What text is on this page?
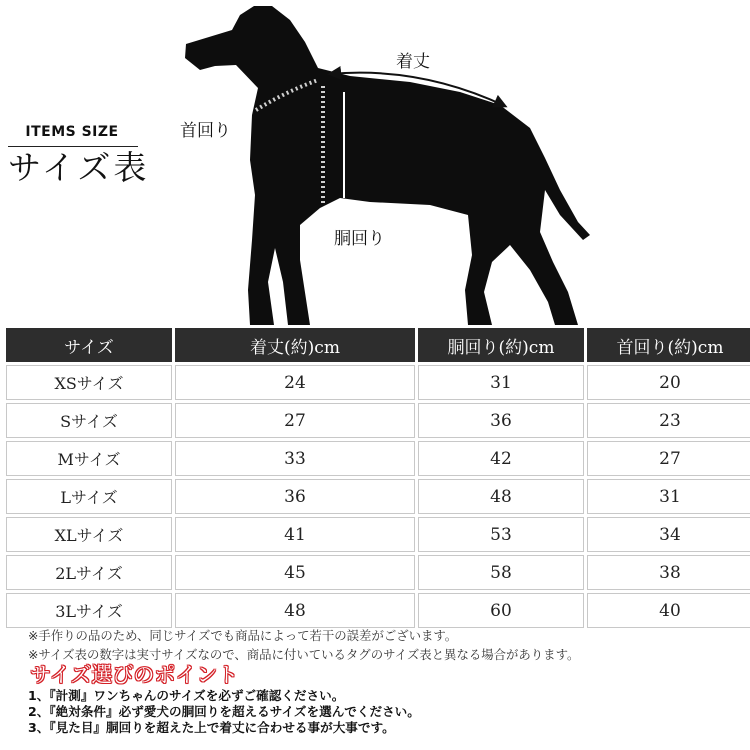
ITEMS SIZE
サイズ表
着丈
首回り
胴回り
サイズ	着丈(約)cm	胴回り(約)cm	首回り(約)cm
XSサイズ	24	31	20
Sサイズ	27	36	23
Mサイズ	33	42	27
Lサイズ	36	48	31
XLサイズ	41	53	34
2Lサイズ	45	58	38
3Lサイズ	48	60	40
※手作りの品のため、同じサイズでも商品によって若干の誤差がございます。
※サイズ表の数字は実寸サイズなので、商品に付いているタグのサイズ表と異なる場合があります。
サイズ選びのポイント
1、『計測』ワンちゃんのサイズを必ずご確認ください。
2、『絶対条件』必ず愛犬の胴回りを超えるサイズを選んでください。
3、『見た目』胴回りを超えた上で着丈に合わせる事が大事です。
